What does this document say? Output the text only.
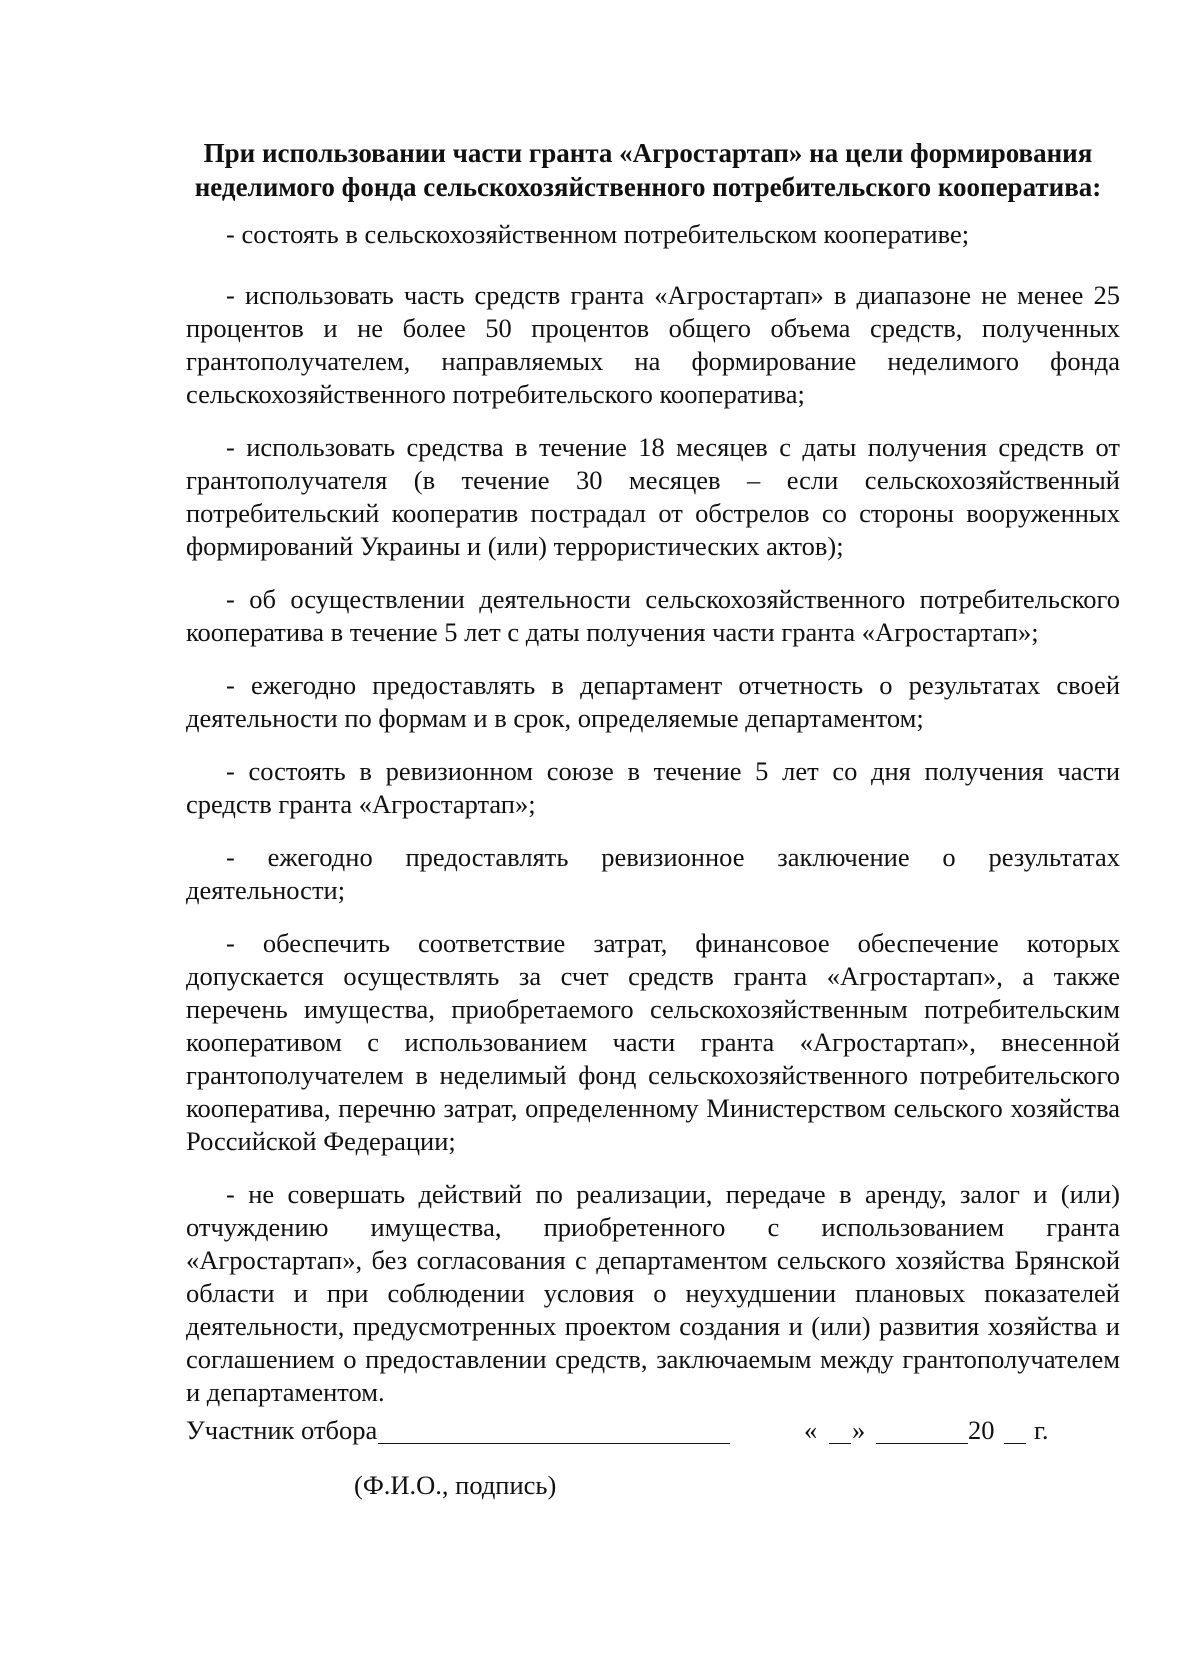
При использовании части гранта «Агростартап» на цели формирования неделимого фонда сельскохозяйственного потребительского кооператива:

- состоять в сельскохозяйственном потребительском кооперативе;

- использовать часть средств гранта «Агростартап» в диапазоне не менее 25 процентов и не более 50 процентов общего объема средств, полученных грантополучателем, направляемых на формирование неделимого фонда сельскохозяйственного потребительского кооператива;

- использовать средства в течение 18 месяцев с даты получения средств от грантополучателя (в течение 30 месяцев – если сельскохозяйственный потребительский кооператив пострадал от обстрелов со стороны вооруженных формирований Украины и (или) террористических актов);

- об осуществлении деятельности сельскохозяйственного потребительского кооператива в течение 5 лет с даты получения части гранта «Агростартап»;

- ежегодно предоставлять в департамент отчетность о результатах своей деятельности по формам и в срок, определяемые департаментом;

- состоять в ревизионном союзе в течение 5 лет со дня получения части средств гранта «Агростартап»;

- ежегодно предоставлять ревизионное заключение о результатах деятельности;

- обеспечить соответствие затрат, финансовое обеспечение которых допускается осуществлять за счет средств гранта «Агростартап», а также перечень имущества, приобретаемого сельскохозяйственным потребительским кооперативом с использованием части гранта «Агростартап», внесенной грантополучателем в неделимый фонд сельскохозяйственного потребительского кооператива, перечню затрат, определенному Министерством сельского хозяйства Российской Федерации;

- не совершать действий по реализации, передаче в аренду, залог и (или) отчуждению имущества, приобретенного с использованием гранта «Агростартап», без согласования с департаментом сельского хозяйства Брянской области и при соблюдении условия о неухудшении плановых показателей деятельности, предусмотренных проектом создания и (или) развития хозяйства и соглашением о предоставлении средств, заключаемым между грантополучателем и департаментом.

Участник отбора	« »	20 г.
(Ф.И.О., подпись)
